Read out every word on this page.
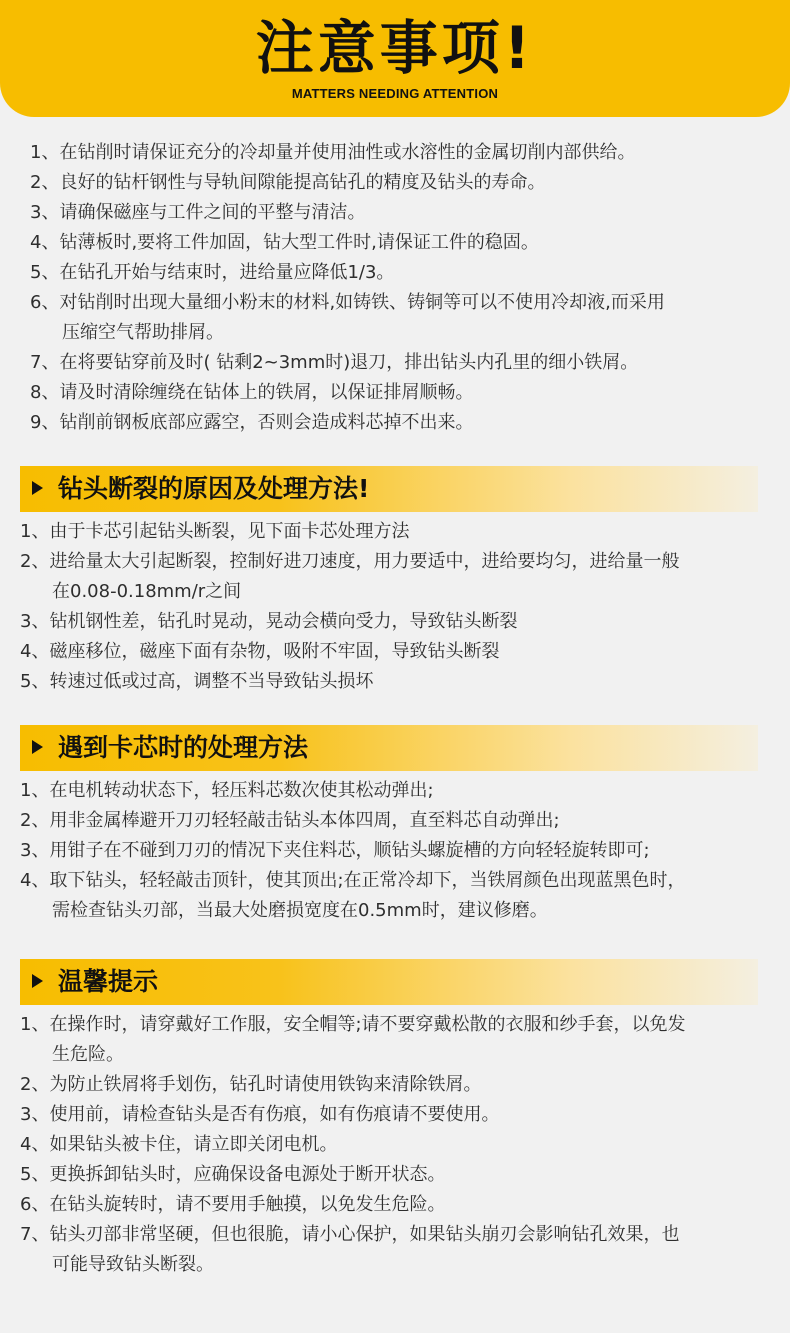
注意事项!
MATTERS NEEDING ATTENTION
1、在钻削时请保证充分的冷却量并使用油性或水溶性的金属切削内部供给。
2、良好的钻杆钢性与导轨间隙能提高钻孔的精度及钻头的寿命。
3、请确保磁座与工件之间的平整与清洁。
4、钻薄板时,要将工件加固，钻大型工件时,请保证工件的稳固。
5、在钻孔开始与结束时，进给量应降低1/3。
6、对钻削时出现大量细小粉末的材料,如铸铁、铸铜等可以不使用冷却液,而采用
压缩空气帮助排屑。
7、在将要钻穿前及时( 钻剩2~3mm时)退刀，排出钻头内孔里的细小铁屑。
8、请及时清除缠绕在钻体上的铁屑，以保证排屑顺畅。
9、钻削前钢板底部应露空，否则会造成料芯掉不出来。
钻头断裂的原因及处理方法!
1、由于卡芯引起钻头断裂，见下面卡芯处理方法
2、进给量太大引起断裂，控制好进刀速度，用力要适中，进给要均匀，进给量一般
在0.08-0.18mm/r之间
3、钻机钢性差，钻孔时晃动，晃动会横向受力，导致钻头断裂
4、磁座移位，磁座下面有杂物，吸附不牢固，导致钻头断裂
5、转速过低或过高，调整不当导致钻头损坏
遇到卡芯时的处理方法
1、在电机转动状态下，轻压料芯数次使其松动弹出;
2、用非金属棒避开刀刃轻轻敲击钻头本体四周，直至料芯自动弹出;
3、用钳子在不碰到刀刃的情况下夹住料芯，顺钻头螺旋槽的方向轻轻旋转即可;
4、取下钻头，轻轻敲击顶针，使其顶出;在正常冷却下，当铁屑颜色出现蓝黑色时，
需检查钻头刃部，当最大处磨损宽度在0.5mm时，建议修磨。
温馨提示
1、在操作时，请穿戴好工作服，安全帽等;请不要穿戴松散的衣服和纱手套，以免发
生危险。
2、为防止铁屑将手划伤，钻孔时请使用铁钩来清除铁屑。
3、使用前，请检查钻头是否有伤痕，如有伤痕请不要使用。
4、如果钻头被卡住，请立即关闭电机。
5、更换拆卸钻头时，应确保设备电源处于断开状态。
6、在钻头旋转时，请不要用手触摸，以免发生危险。
7、钻头刃部非常坚硬，但也很脆，请小心保护，如果钻头崩刃会影响钻孔效果，也
可能导致钻头断裂。
